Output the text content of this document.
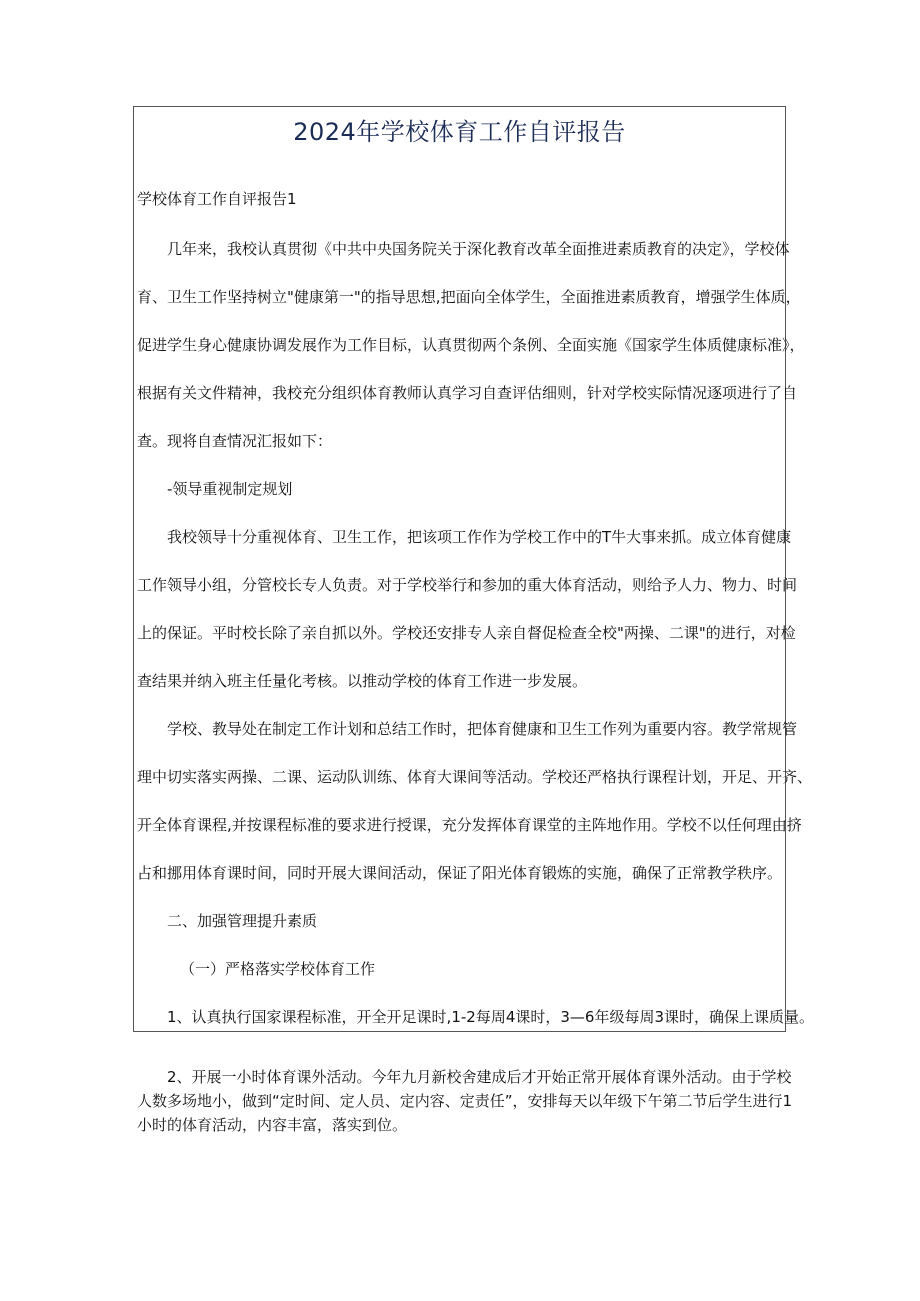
2024年学校体育工作自评报告

学校体育工作自评报告1

几年来，我校认真贯彻《中共中央国务院关于深化教育改革全面推进素质教育的决定》，学校体

育、卫生工作坚持树立"健康第一"的指导思想,把面向全体学生，全面推进素质教育，增强学生体质，

促进学生身心健康协调发展作为工作目标，认真贯彻两个条例、全面实施《国家学生体质健康标准》，

根据有关文件精神，我校充分组织体育教师认真学习自查评估细则，针对学校实际情况逐项进行了自

查。现将自查情况汇报如下：

-领导重视制定规划

我校领导十分重视体育、卫生工作，把该项工作作为学校工作中的T牛大事来抓。成立体育健康

工作领导小组，分管校长专人负责。对于学校举行和参加的重大体育活动，则给予人力、物力、时间

上的保证。平时校长除了亲自抓以外。学校还安排专人亲自督促检查全校"两操、二课"的进行，对检

查结果并纳入班主任量化考核。以推动学校的体育工作进一步发展。

学校、教导处在制定工作计划和总结工作时，把体育健康和卫生工作列为重要内容。教学常规管

理中切实落实两操、二课、运动队训练、体育大课间等活动。学校还严格执行课程计划，开足、开齐、

开全体育课程,并按课程标准的要求进行授课，充分发挥体育课堂的主阵地作用。学校不以任何理由挤

占和挪用体育课时间，同时开展大课间活动，保证了阳光体育锻炼的实施，确保了正常教学秩序。

二、加强管理提升素质

（一）严格落实学校体育工作

1、认真执行国家课程标准，开全开足课时,1-2每周4课时，3—6年级每周3课时，确保上课质量。

2、开展一小时体育课外活动。今年九月新校舍建成后才开始正常开展体育课外活动。由于学校

人数多场地小，做到“定时间、定人员、定内容、定责任”，安排每天以年级下午第二节后学生进行1

小时的体育活动，内容丰富，落实到位。
